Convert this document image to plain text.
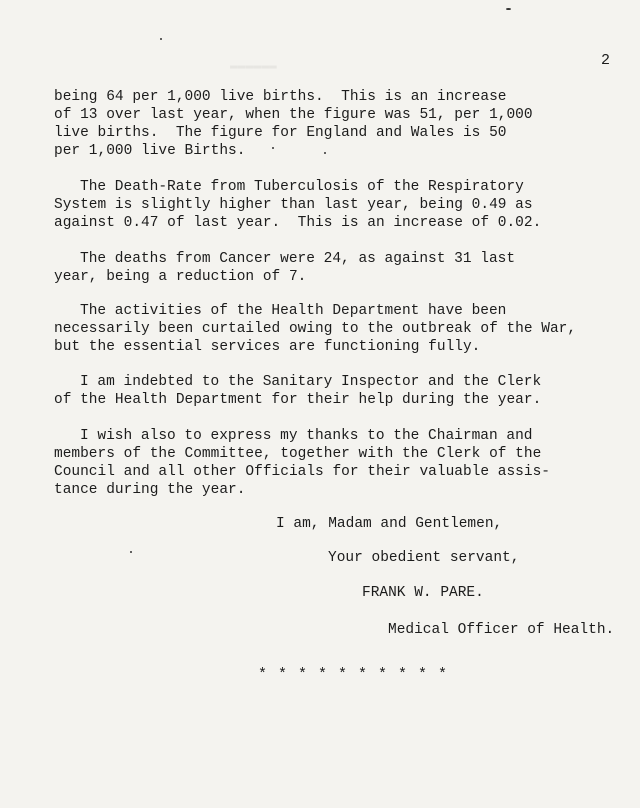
2
▬▬▬▬▬▬
being 64 per 1,000 live births.  This is an increase
of 13 over last year, when the figure was 51, per 1,000
live births.  The figure for England and Wales is 50
per 1,000 live Births.
The Death-Rate from Tuberculosis of the Respiratory
System is slightly higher than last year, being 0.49 as
against 0.47 of last year.  This is an increase of 0.02.
The deaths from Cancer were 24, as against 31 last
year, being a reduction of 7.
The activities of the Health Department have been
necessarily been curtailed owing to the outbreak of the War,
but the essential services are functioning fully.
I am indebted to the Sanitary Inspector and the Clerk
of the Health Department for their help during the year.
I wish also to express my thanks to the Chairman and
members of the Committee, together with the Clerk of the
Council and all other Officials for their valuable assis-
tance during the year.
I am, Madam and Gentlemen,
Your obedient servant,
FRANK W. PARE.
Medical Officer of Health.
* * * * * * * * * *
